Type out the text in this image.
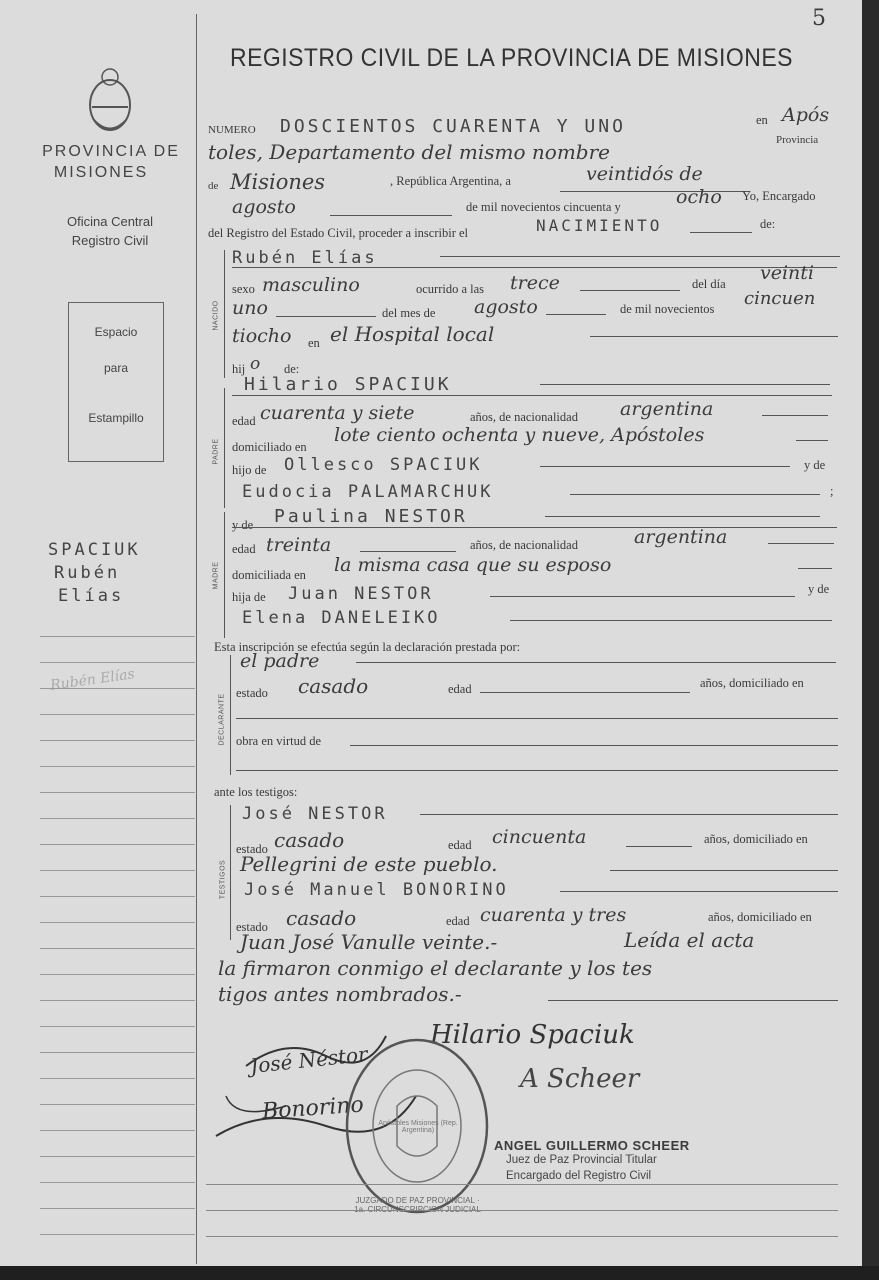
5
PROVINCIA DE
MISIONES
Oficina Central
Registro Civil
Espacio
para
Estampillo
SPACIUK
Rubén
Elías
Rubén Elías
REGISTRO CIVIL DE LA PROVINCIA DE MISIONES
NUMERO DOSCIENTOS CUARENTA Y UNO	en Após
Provincia
toles, Departamento del mismo nombre
de Misiones	, República Argentina, a	veintidós de
agosto	de mil novecientos cincuenta y	ocho Yo, Encargado
del Registro del Estado Civil, proceder a inscribir el	NACIMIENTO	de:
NACIDO
Rubén Elías
sexo masculino	ocurrido a las trece	del día veinti
uno	del mes de agosto	de mil novecientos cincuen
tiocho en el Hospital local
hij o de:
PADRE
Hilario SPACIUK
edad cuarenta y siete	años, de nacionalidad argentina
domiciliado en
lote ciento ochenta y nueve, Apóstoles
hijo de Ollesco SPACIUK	y de
Eudocia PALAMARCHUK	;
MADRE
y de Paulina NESTOR
edad treinta	años, de nacionalidad	argentina
domiciliada en la misma casa que su esposo
hija de Juan NESTOR	y de
Elena DANELEIKO
Esta inscripción se efectúa según la declaración prestada por:
DECLARANTE
el padre
estado casado	edad	años, domiciliado en
obra en virtud de
ante los testigos:
TESTIGOS
José NESTOR
estado casado	edad cincuenta	años, domiciliado en
Pellegrini de este pueblo.
José Manuel BONORINO
estado casado	edad cuarenta y tres	años, domiciliado en
Juan José Vanulle veinte.-	Leída el acta
la firmaron conmigo el declarante y los tes
tigos antes nombrados.-
Hilario Spaciuk
José Néstor
Bonorino
A Scheer
JUZGADO DE PAZ PROVINCIAL · 1a. CIRCUNSCRIPCION JUDICIAL
Apóstoles Misiones (Rep. Argentina)
ANGEL GUILLERMO SCHEER
Juez de Paz Provincial Titular
Encargado del Registro Civil
